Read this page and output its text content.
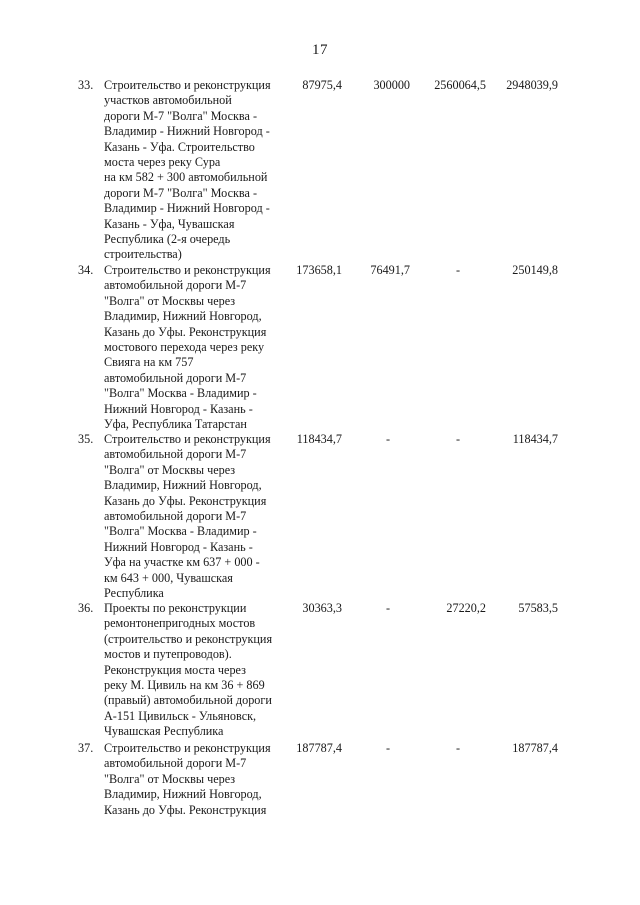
17
33. Строительство и реконструкция
участков автомобильной
дороги М-7 "Волга" Москва -
Владимир - Нижний Новгород -
Казань - Уфа. Строительство
моста через реку Сура
на км 582 + 300 автомобильной
дороги М-7 "Волга" Москва -
Владимир - Нижний Новгород -
Казань - Уфа, Чувашская
Республика (2-я очередь
строительства)
87975,4	300000	2560064,5	2948039,9
34. Строительство и реконструкция
автомобильной дороги М-7
"Волга" от Москвы через
Владимир, Нижний Новгород,
Казань до Уфы. Реконструкция
мостового перехода через реку
Свияга на км 757
автомобильной дороги М-7
"Волга" Москва - Владимир -
Нижний Новгород - Казань -
Уфа, Республика Татарстан
173658,1	76491,7	-	250149,8
35. Строительство и реконструкция
автомобильной дороги М-7
"Волга" от Москвы через
Владимир, Нижний Новгород,
Казань до Уфы. Реконструкция
автомобильной дороги М-7
"Волга" Москва - Владимир -
Нижний Новгород - Казань -
Уфа на участке км 637 + 000 -
км 643 + 000, Чувашская
Республика
118434,7	-	-	118434,7
36. Проекты по реконструкции
ремонтонепригодных мостов
(строительство и реконструкция
мостов и путепроводов).
Реконструкция моста через
реку М. Цивиль на км 36 + 869
(правый) автомобильной дороги
А-151 Цивильск - Ульяновск,
Чувашская Республика
30363,3	-	27220,2	57583,5
37. Строительство и реконструкция
автомобильной дороги М-7
"Волга" от Москвы через
Владимир, Нижний Новгород,
Казань до Уфы. Реконструкция
187787,4	-	-	187787,4
